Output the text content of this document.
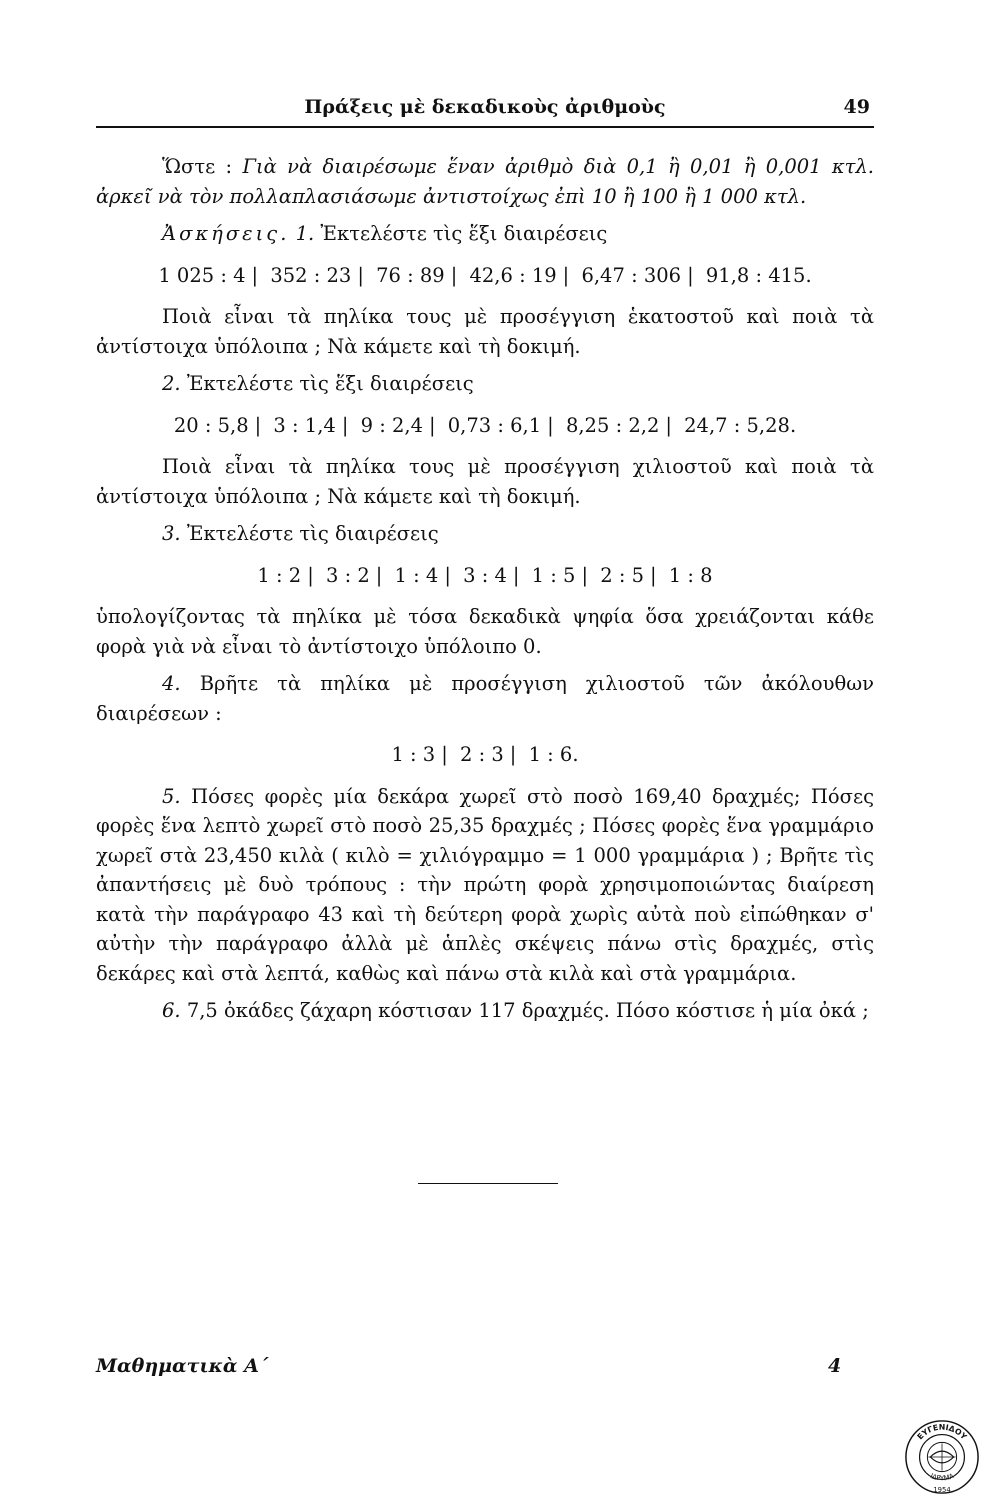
Πράξεις μὲ δεκαδικοὺς ἀριθμοὺς	49

Ὥστε : Γιὰ νὰ διαιρέσωμε ἕναν ἀριθμὸ διὰ 0,1 ἢ 0,01 ἢ 0,001 κτλ. ἀρκεῖ νὰ τὸν πολλαπλασιάσωμε ἀντιστοίχως ἐπὶ 10 ἢ 100 ἢ 1 000 κτλ.

Ἀσκήσεις. 1. Ἐκτελέστε τὶς ἕξι διαιρέσεις

1 025 : 4 | 352 : 23 | 76 : 89 | 42,6 : 19 | 6,47 : 306 | 91,8 : 415.

Ποιὰ εἶναι τὰ πηλίκα τους μὲ προσέγγιση ἑκατοστοῦ καὶ ποιὰ τὰ ἀντίστοιχα ὑπόλοιπα ; Νὰ κάμετε καὶ τὴ δοκιμή.

2. Ἐκτελέστε τὶς ἕξι διαιρέσεις

20 : 5,8 | 3 : 1,4 | 9 : 2,4 | 0,73 : 6,1 | 8,25 : 2,2 | 24,7 : 5,28.

Ποιὰ εἶναι τὰ πηλίκα τους μὲ προσέγγιση χιλιοστοῦ καὶ ποιὰ τὰ ἀντίστοιχα ὑπόλοιπα ; Νὰ κάμετε καὶ τὴ δοκιμή.

3. Ἐκτελέστε τὶς διαιρέσεις

1 : 2 | 3 : 2 | 1 : 4 | 3 : 4 | 1 : 5 | 2 : 5 | 1 : 8

ὑπολογίζοντας τὰ πηλίκα μὲ τόσα δεκαδικὰ ψηφία ὅσα χρειάζονται κάθε φορὰ γιὰ νὰ εἶναι τὸ ἀντίστοιχο ὑπόλοιπο 0.

4. Βρῆτε τὰ πηλίκα μὲ προσέγγιση χιλιοστοῦ τῶν ἀκόλουθων διαιρέσεων :

1 : 3 | 2 : 3 | 1 : 6.

5. Πόσες φορὲς μία δεκάρα χωρεῖ στὸ ποσὸ 169,40 δραχμές; Πόσες φορὲς ἕνα λεπτὸ χωρεῖ στὸ ποσὸ 25,35 δραχμές ; Πόσες φορὲς ἕνα γραμμάριο χωρεῖ στὰ 23,450 κιλὰ ( κιλὸ = χιλιόγραμμο = 1 000 γραμμάρια ) ; Βρῆτε τὶς ἀπαντήσεις μὲ δυὸ τρόπους : τὴν πρώτη φορὰ χρησιμοποιώντας διαίρεση κατὰ τὴν παράγραφο 43 καὶ τὴ δεύτερη φορὰ χωρὶς αὐτὰ ποὺ εἰπώθηκαν σ' αὐτὴν τὴν παράγραφο ἀλλὰ μὲ ἁπλὲς σκέψεις πάνω στὶς δραχμές, στὶς δεκάρες καὶ στὰ λεπτά, καθὼς καὶ πάνω στὰ κιλὰ καὶ στὰ γραμμάρια.

6. 7,5 ὀκάδες ζάχαρη κόστισαν 117 δραχμές. Πόσο κόστισε ἡ μία ὀκά ;

Μαθηματικὰ Α΄	4
ΕΥΓΕΝΙΔΟΥ
ΙΔΡΥΜΑ
1954
